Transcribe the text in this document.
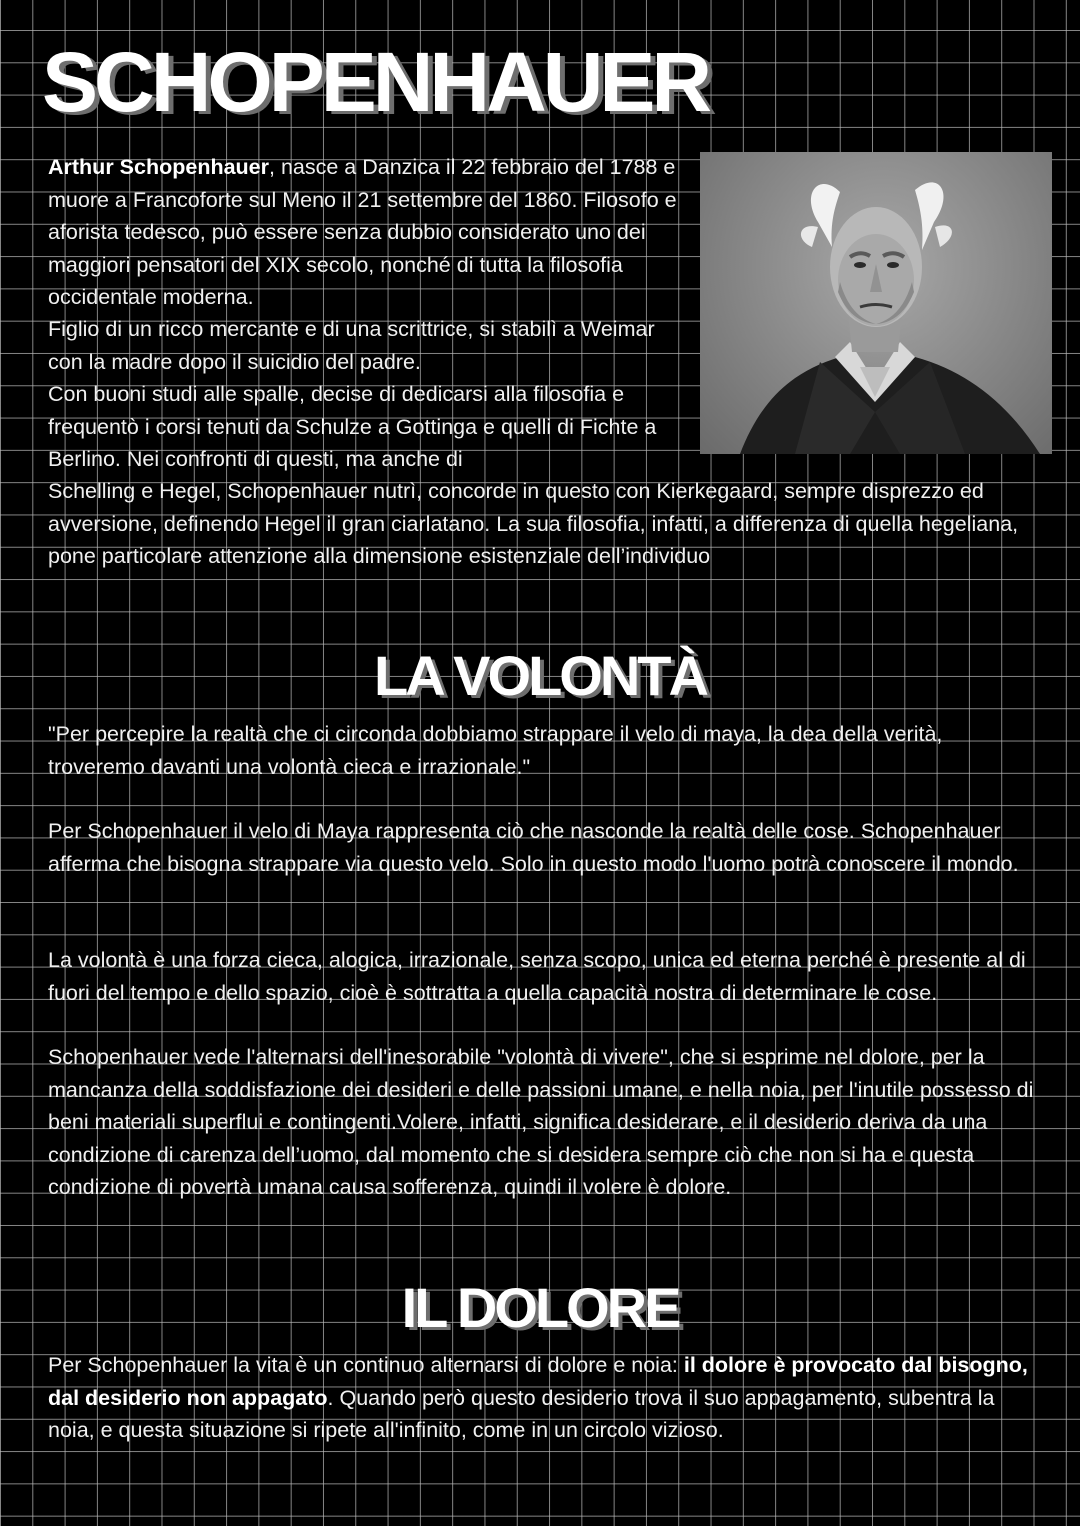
SCHOPENHAUER

Arthur Schopenhauer, nasce a Danzica il 22 febbraio del 1788 e muore a Francoforte sul Meno il 21 settembre del 1860. Filosofo e aforista tedesco, può essere senza dubbio considerato uno dei maggiori pensatori del XIX secolo, nonché di tutta la filosofia occidentale moderna.

Figlio di un ricco mercante e di una scrittrice, si stabilì a Weimar con la madre dopo il suicidio del padre.

Con buoni studi alle spalle, decise di dedicarsi alla filosofia e frequentò i corsi tenuti da Schulze a Gottinga e quelli di Fichte a Berlino. Nei confronti di questi, ma anche di

Schelling e Hegel, Schopenhauer nutrì, concorde in questo con Kierkegaard, sempre disprezzo ed avversione, definendo Hegel il gran ciarlatano. La sua filosofia, infatti, a differenza di quella hegeliana, pone particolare attenzione alla dimensione esistenziale dell’individuo

LA VOLONTÀ

"Per percepire la realtà che ci circonda dobbiamo strappare il velo di maya, la dea della verità, troveremo davanti una volontà cieca e irrazionale."

Per Schopenhauer il velo di Maya rappresenta ciò che nasconde la realtà delle cose. Schopenhauer afferma che bisogna strappare via questo velo. Solo in questo modo l'uomo potrà conoscere il mondo.

La volontà è una forza cieca, alogica, irrazionale, senza scopo, unica ed eterna perché è presente al di fuori del tempo e dello spazio, cioè è sottratta a quella capacità nostra di determinare le cose.

Schopenhauer vede l'alternarsi dell'inesorabile "volontà di vivere", che si esprime nel dolore, per la mancanza della soddisfazione dei desideri e delle passioni umane, e nella noia, per l'inutile possesso di beni materiali superflui e contingenti.Volere, infatti, significa desiderare, e il desiderio deriva da una condizione di carenza dell’uomo, dal momento che si desidera sempre ciò che non si ha e questa condizione di povertà umana causa sofferenza, quindi il volere è dolore.

IL DOLORE

Per Schopenhauer la vita è un continuo alternarsi di dolore e noia: il dolore è provocato dal bisogno, dal desiderio non appagato. Quando però questo desiderio trova il suo appagamento, subentra la noia, e questa situazione si ripete all'infinito, come in un circolo vizioso.
